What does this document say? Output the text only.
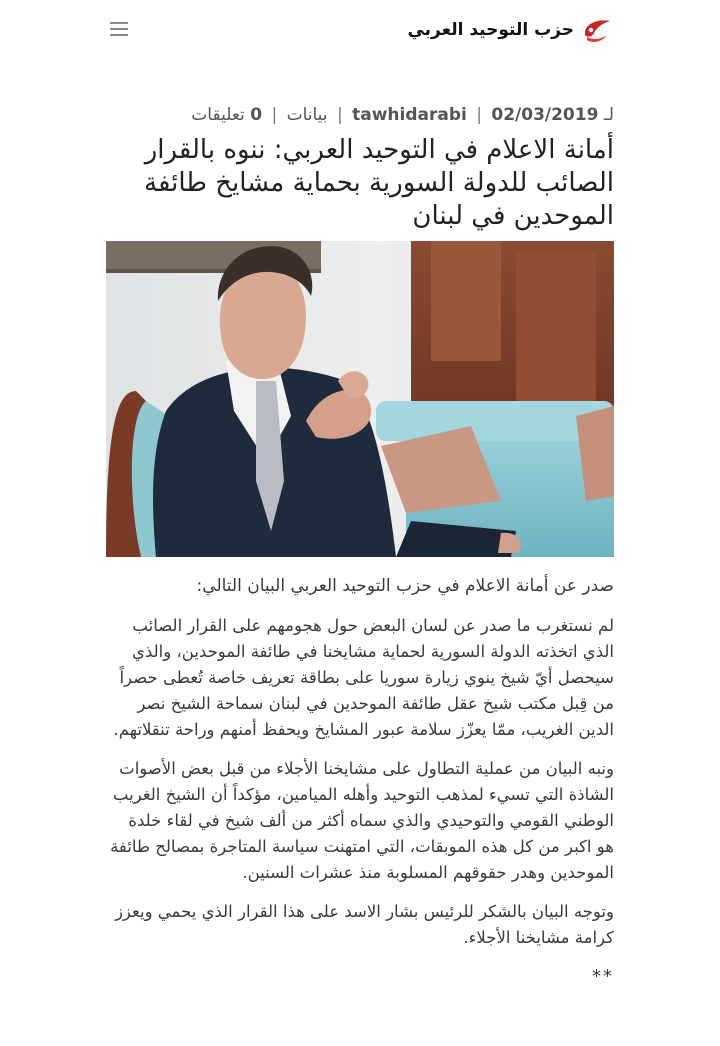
حزب التوحيد العربي
لـ 02/03/2019 | tawhidarabi | بيانات | 0 تعليقات
أمانة الاعلام في التوحيد العربي: ننوه بالقرار الصائب للدولة السورية بحماية مشايخ طائفة الموحدين في لبنان

صدر عن أمانة الاعلام في حزب التوحيد العربي البيان التالي:

لم نستغرب ما صدر عن لسان البعض حول هجومهم على القرار الصائب الذي اتخذته الدولة السورية لحماية مشايخنا في طائفة الموحدين، والذي سيحصل أيّ شيخ ينوي زيارة سوريا على بطاقة تعريف خاصة تُعطى حصراً من قِبل مكتب شيخ عقل طائفة الموحدين في لبنان سماحة الشيخ نصر الدين الغريب، ممّا يعزّز سلامة عبور المشايخ ويحفظ أمنهم وراحة تنقلاتهم.

ونبه البيان من عملية التطاول على مشايخنا الأجلاء من قبل بعض الأصوات الشاذة التي تسيء لمذهب التوحيد وأهله الميامين، مؤكداً أن الشيخ الغريب الوطني القومي والتوحيدي والذي سماه أكثر من ألف شيخ في لقاء خلدة هو اكبر من كل هذه الموبقات، التي امتهنت سياسة المتاجرة بمصالح طائفة الموحدين وهدر حقوقهم المسلوبة منذ عشرات السنين.

وتوجه البيان بالشكر للرئيس بشار الاسد على هذا القرار الذي يحمي ويعزز كرامة مشايخنا الأجلاء.

**
